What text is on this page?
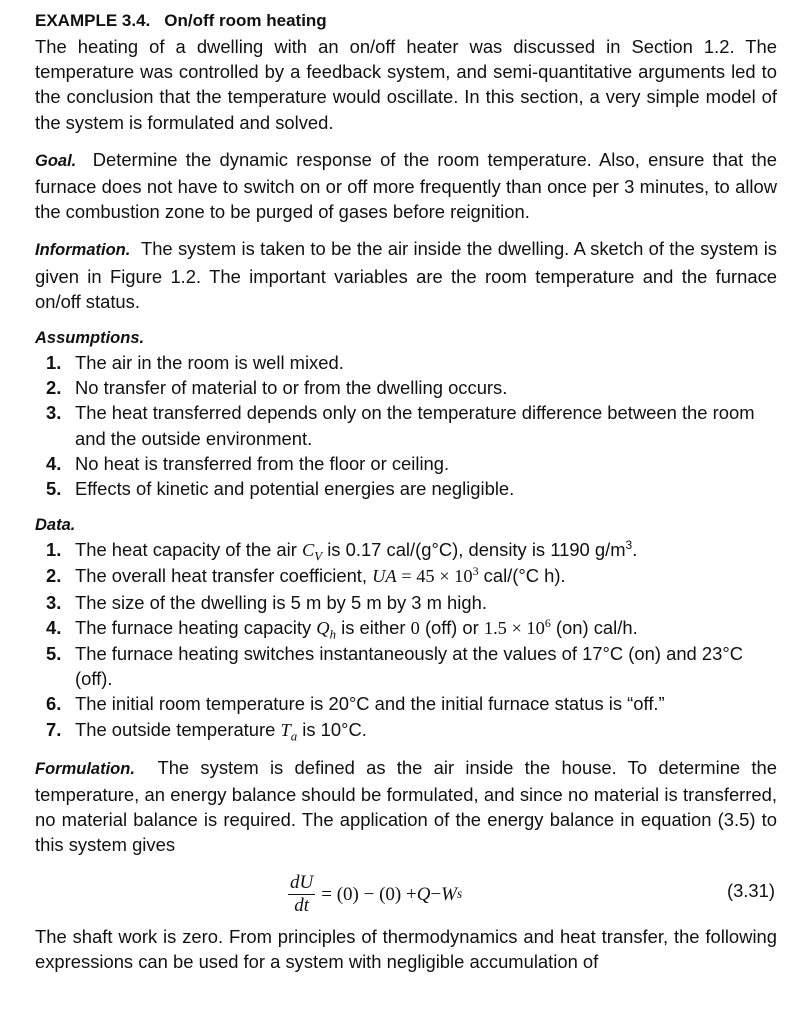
EXAMPLE 3.4. On/off room heating

The heating of a dwelling with an on/off heater was discussed in Section 1.2. The temperature was controlled by a feedback system, and semi-quantitative arguments led to the conclusion that the temperature would oscillate. In this section, a very simple model of the system is formulated and solved.

Goal. Determine the dynamic response of the room temperature. Also, ensure that the furnace does not have to switch on or off more frequently than once per 3 minutes, to allow the combustion zone to be purged of gases before reignition.

Information. The system is taken to be the air inside the dwelling. A sketch of the system is given in Figure 1.2. The important variables are the room temperature and the furnace on/off status.

Assumptions.
1. The air in the room is well mixed.
2. No transfer of material to or from the dwelling occurs.
3. The heat transferred depends only on the temperature difference between the room and the outside environment.
4. No heat is transferred from the floor or ceiling.
5. Effects of kinetic and potential energies are negligible.
Data.
1. The heat capacity of the air $C_V$ is 0.17 cal/(g°C), density is 1190 $g/m^3$.
2. The overall heat transfer coefficient, UA = $45 \times 10^3$ cal/(°C h).
3. The size of the dwelling is 5 m by 5 m by 3 m high.
4. The furnace heating capacity $Q_h$ is either 0 (off) or $1.5 \times 10^6$ (on) cal/h.
5. The furnace heating switches instantaneously at the values of 17°C (on) and 23°C (off).
6. The initial room temperature is 20°C and the initial furnace status is “off.”
7. The outside temperature $T_a$ is 10°C.

Formulation. The system is defined as the air inside the house. To determine the temperature, an energy balance should be formulated, and since no material is transferred, no material balance is required. The application of the energy balance in equation (3.5) to this system gives

$\frac{dU}{dt} = (0) - (0) + Q - W$ s	(3.31)

The shaft work is zero. From principles of thermodynamics and heat transfer, the following expressions can be used for a system with negligible accumulation of
